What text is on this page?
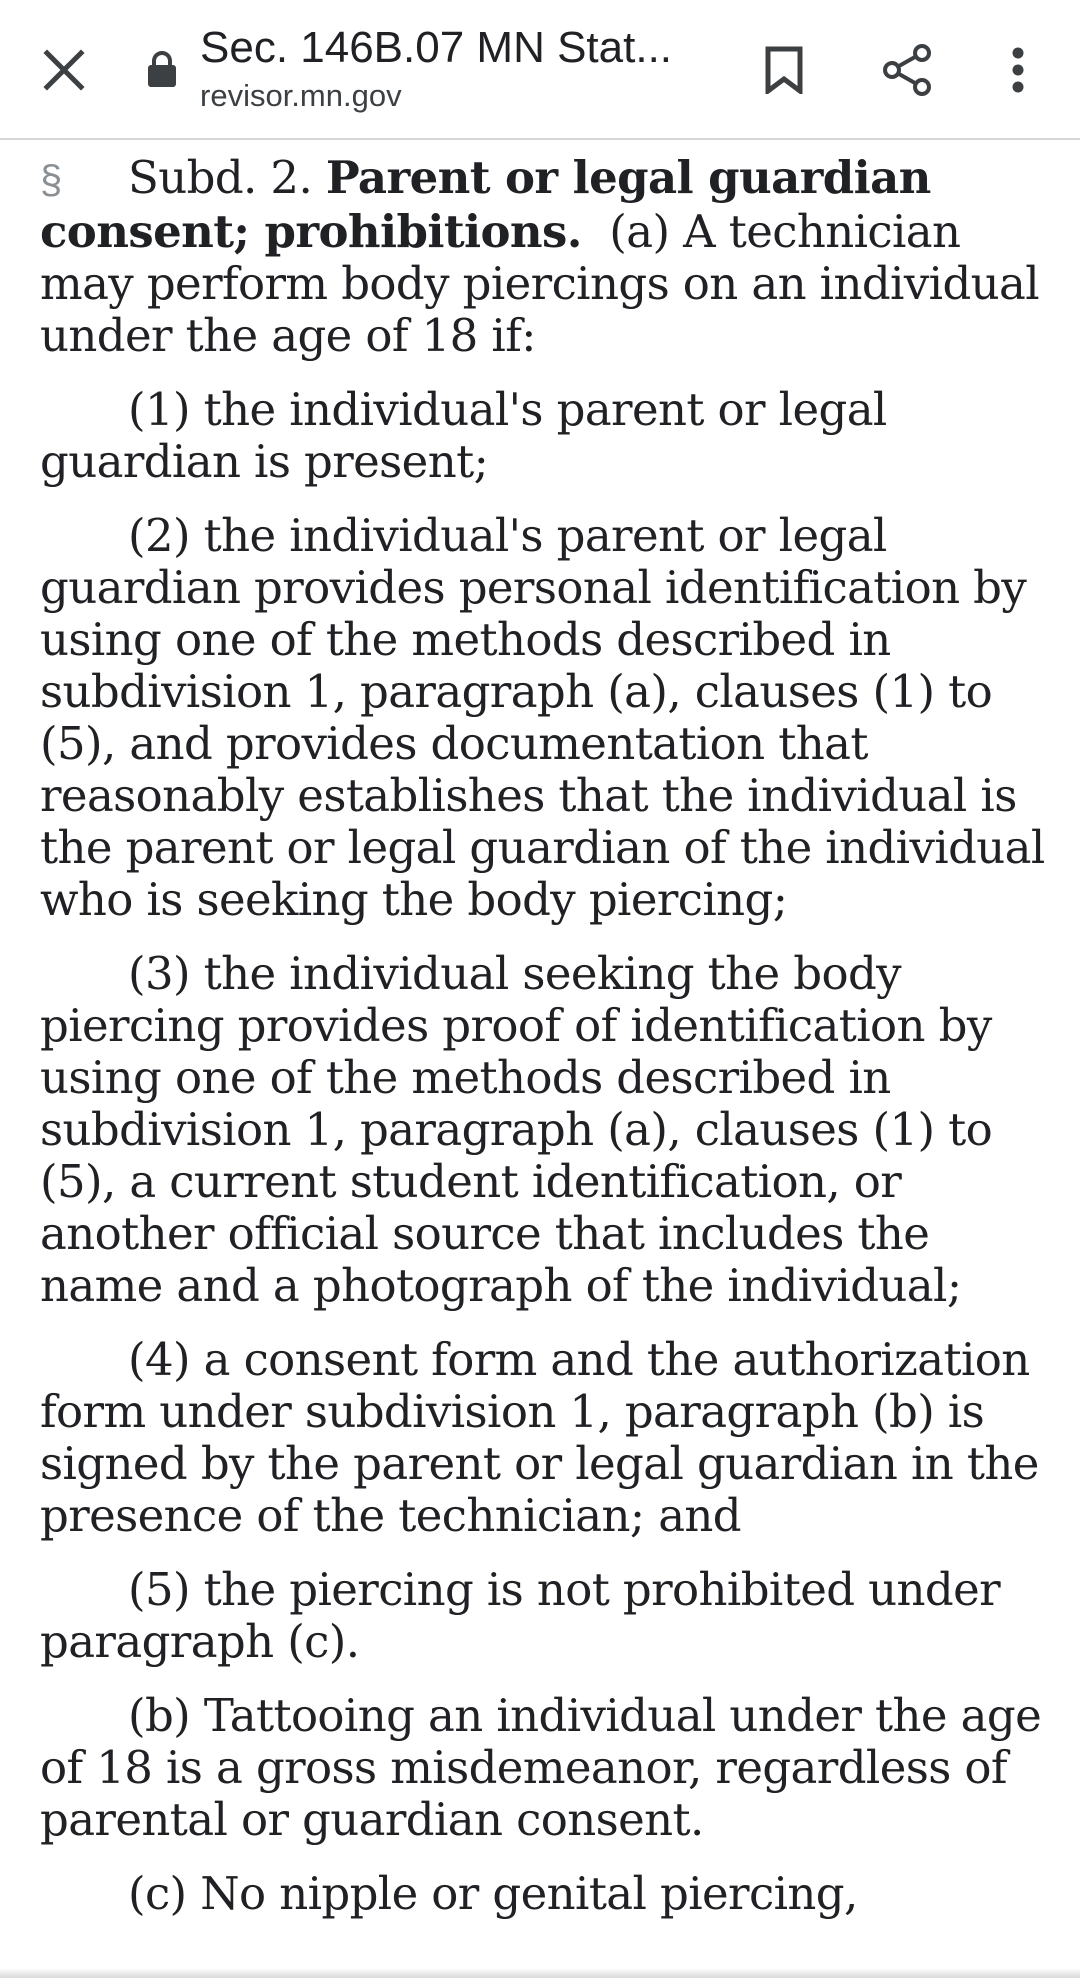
Sec. 146B.07 MN Stat...
revisor.mn.gov

§ Subd. 2. Parent or legal guardian consent; prohibitions. (a) A technician may perform body piercings on an individual under the age of 18 if:

(1) the individual's parent or legal guardian is present;

(2) the individual's parent or legal guardian provides personal identification by using one of the methods described in subdivision 1, paragraph (a), clauses (1) to (5), and provides documentation that reasonably establishes that the individual is the parent or legal guardian of the individual who is seeking the body piercing;

(3) the individual seeking the body piercing provides proof of identification by using one of the methods described in subdivision 1, paragraph (a), clauses (1) to (5), a current student identification, or another official source that includes the name and a photograph of the individual;

(4) a consent form and the authorization form under subdivision 1, paragraph (b) is signed by the parent or legal guardian in the presence of the technician; and

(5) the piercing is not prohibited under paragraph (c).

(b) Tattooing an individual under the age of 18 is a gross misdemeanor, regardless of parental or guardian consent.

(c) No nipple or genital piercing,
